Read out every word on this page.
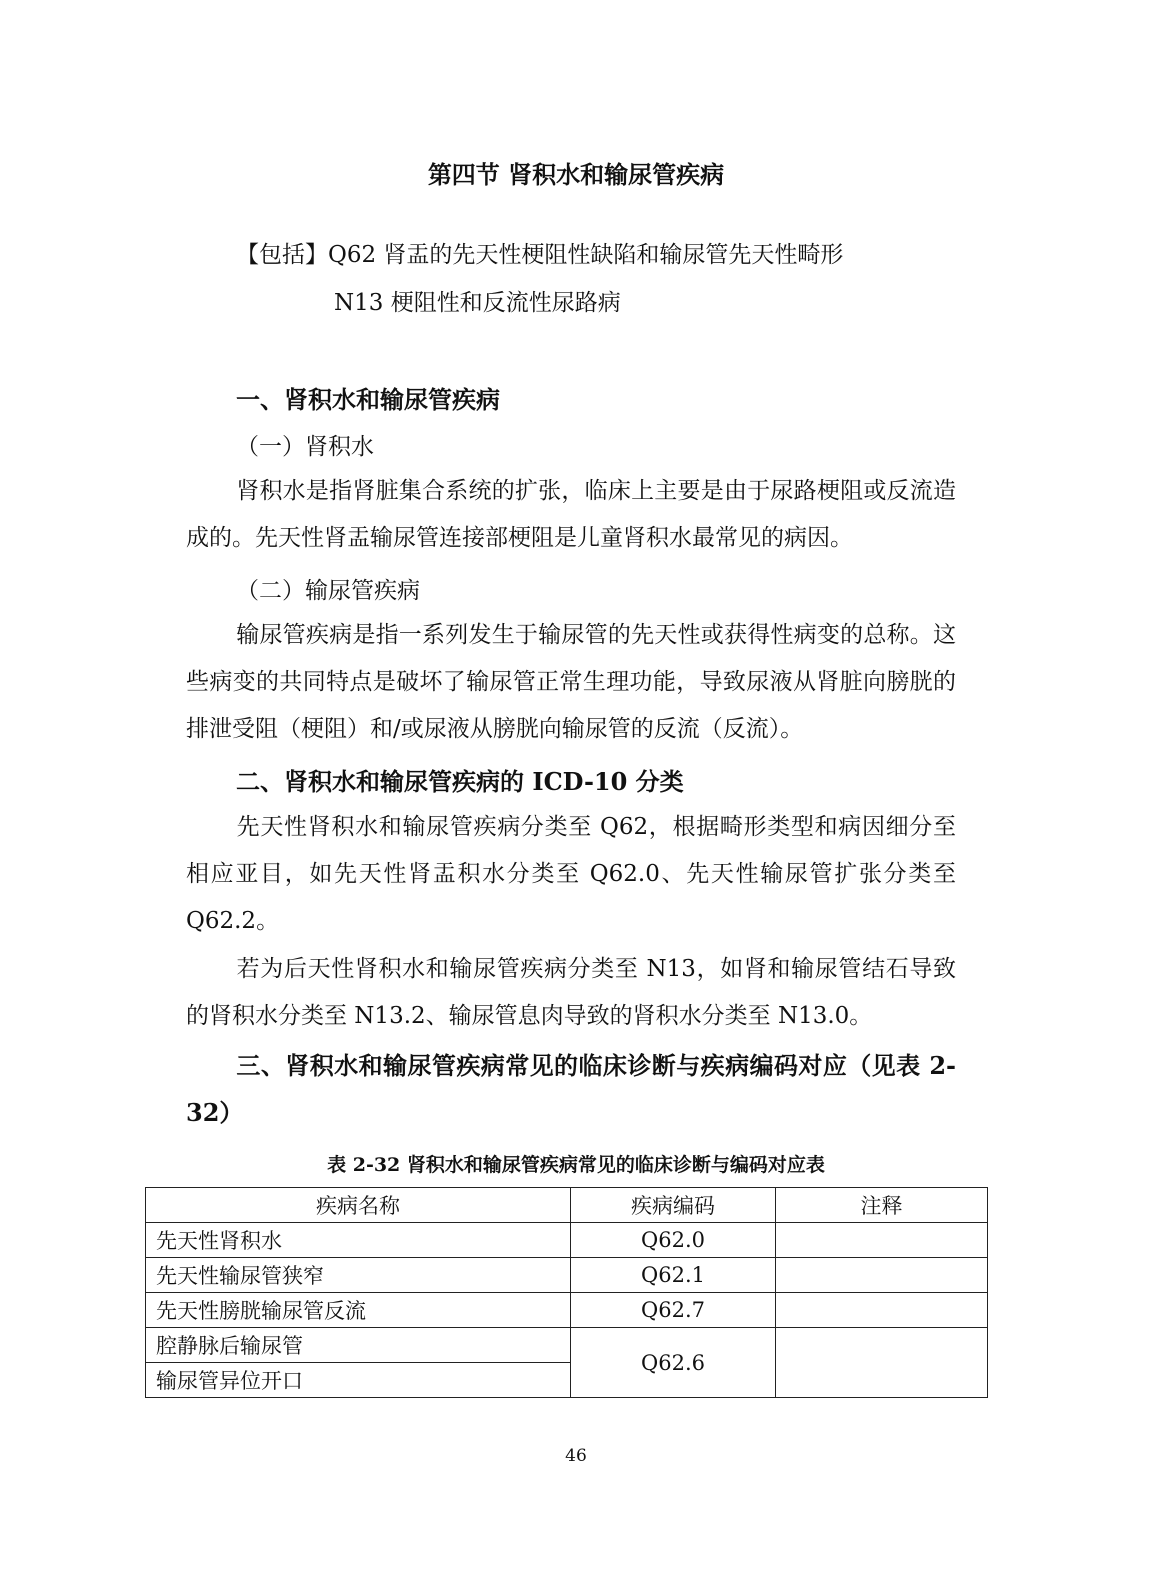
第四节 肾积水和输尿管疾病
【包括】Q62 肾盂的先天性梗阻性缺陷和输尿管先天性畸形
N13 梗阻性和反流性尿路病
一、肾积水和输尿管疾病
（一）肾积水
肾积水是指肾脏集合系统的扩张，临床上主要是由于尿路梗阻或反流造成的。先天性肾盂输尿管连接部梗阻是儿童肾积水最常见的病因。
（二）输尿管疾病
输尿管疾病是指一系列发生于输尿管的先天性或获得性病变的总称。这些病变的共同特点是破坏了输尿管正常生理功能，导致尿液从肾脏向膀胱的排泄受阻（梗阻）和/或尿液从膀胱向输尿管的反流（反流）。
二、肾积水和输尿管疾病的 ICD-10 分类
先天性肾积水和输尿管疾病分类至 Q62，根据畸形类型和病因细分至相应亚目，如先天性肾盂积水分类至 Q62.0、先天性输尿管扩张分类至 Q62.2。
若为后天性肾积水和输尿管疾病分类至 N13，如肾和输尿管结石导致的肾积水分类至 N13.2、输尿管息肉导致的肾积水分类至 N13.0。
三、肾积水和输尿管疾病常见的临床诊断与疾病编码对应（见表 2-32）
表 2-32 肾积水和输尿管疾病常见的临床诊断与编码对应表
疾病名称	疾病编码	注释
先天性肾积水	Q62.0	
先天性输尿管狭窄	Q62.1	
先天性膀胱输尿管反流	Q62.7	
腔静脉后输尿管	Q62.6	
输尿管异位开口		
46
